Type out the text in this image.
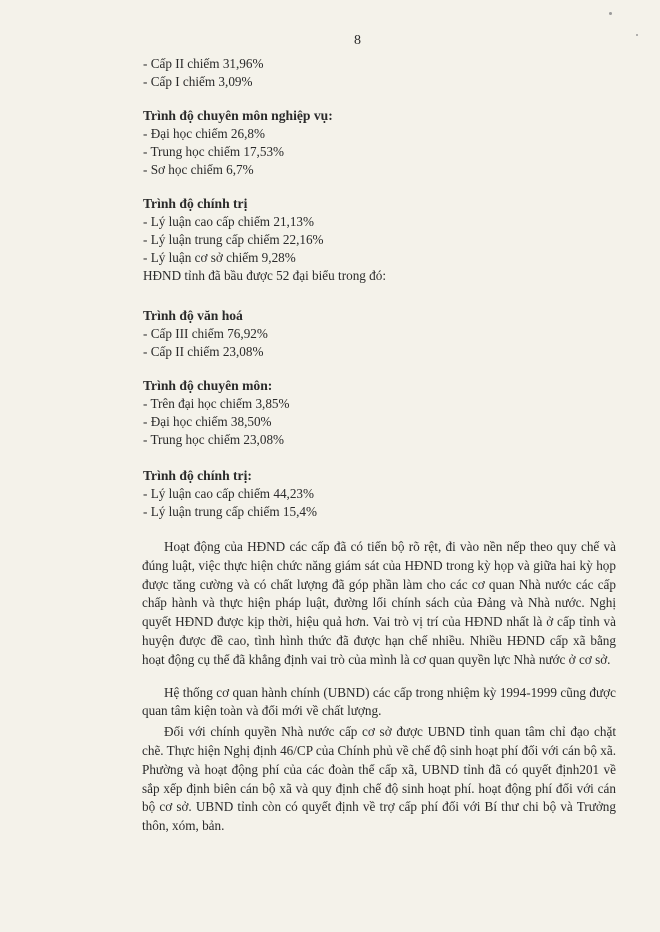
8
- Cấp II chiếm 31,96%
- Cấp I chiếm 3,09%
Trình độ chuyên môn nghiệp vụ:
- Đại học chiếm 26,8%
- Trung học chiếm 17,53%
- Sơ học chiếm 6,7%
Trình độ chính trị
- Lý luận cao cấp chiếm 21,13%
- Lý luận trung cấp chiếm 22,16%
- Lý luận cơ sở chiếm 9,28%
HĐND tỉnh đã bầu được 52 đại biểu trong đó:
Trình độ văn hoá
- Cấp III chiếm 76,92%
- Cấp II chiếm 23,08%
Trình độ chuyên môn:
- Trên đại học chiếm 3,85%
- Đại học chiếm 38,50%
- Trung học chiếm 23,08%
Trình độ chính trị:
- Lý luận cao cấp chiếm 44,23%
- Lý luận trung cấp chiếm 15,4%

Hoạt động của HĐND các cấp đã có tiến bộ rõ rệt, đi vào nền nếp theo quy chế và đúng luật, việc thực hiện chức năng giám sát của HĐND trong kỳ họp và giữa hai kỳ họp được tăng cường và có chất lượng đã góp phần làm cho các cơ quan Nhà nước các cấp chấp hành và thực hiện pháp luật, đường lối chính sách của Đảng và Nhà nước. Nghị quyết HĐND được kịp thời, hiệu quả hơn. Vai trò vị trí của HĐND nhất là ở cấp tỉnh và huyện được đề cao, tình hình thức đã được hạn chế nhiều. Nhiều HĐND cấp xã bằng hoạt động cụ thể đã khẳng định vai trò của mình là cơ quan quyền lực Nhà nước ở cơ sở.

Hệ thống cơ quan hành chính (UBND) các cấp trong nhiệm kỳ 1994-1999 cũng được quan tâm kiện toàn và đổi mới về chất lượng.

Đối với chính quyền Nhà nước cấp cơ sở được UBND tỉnh quan tâm chỉ đạo chặt chẽ. Thực hiện Nghị định 46/CP của Chính phủ về chế độ sinh hoạt phí đối với cán bộ xã. Phường và hoạt động phí của các đoàn thể cấp xã, UBND tỉnh đã có quyết định201 về sắp xếp định biên cán bộ xã và quy định chế độ sinh hoạt phí. hoạt động phí đối với cán bộ cơ sở. UBND tỉnh còn có quyết định về trợ cấp phí đối với Bí thư chi bộ và Trưởng thôn, xóm, bản.
